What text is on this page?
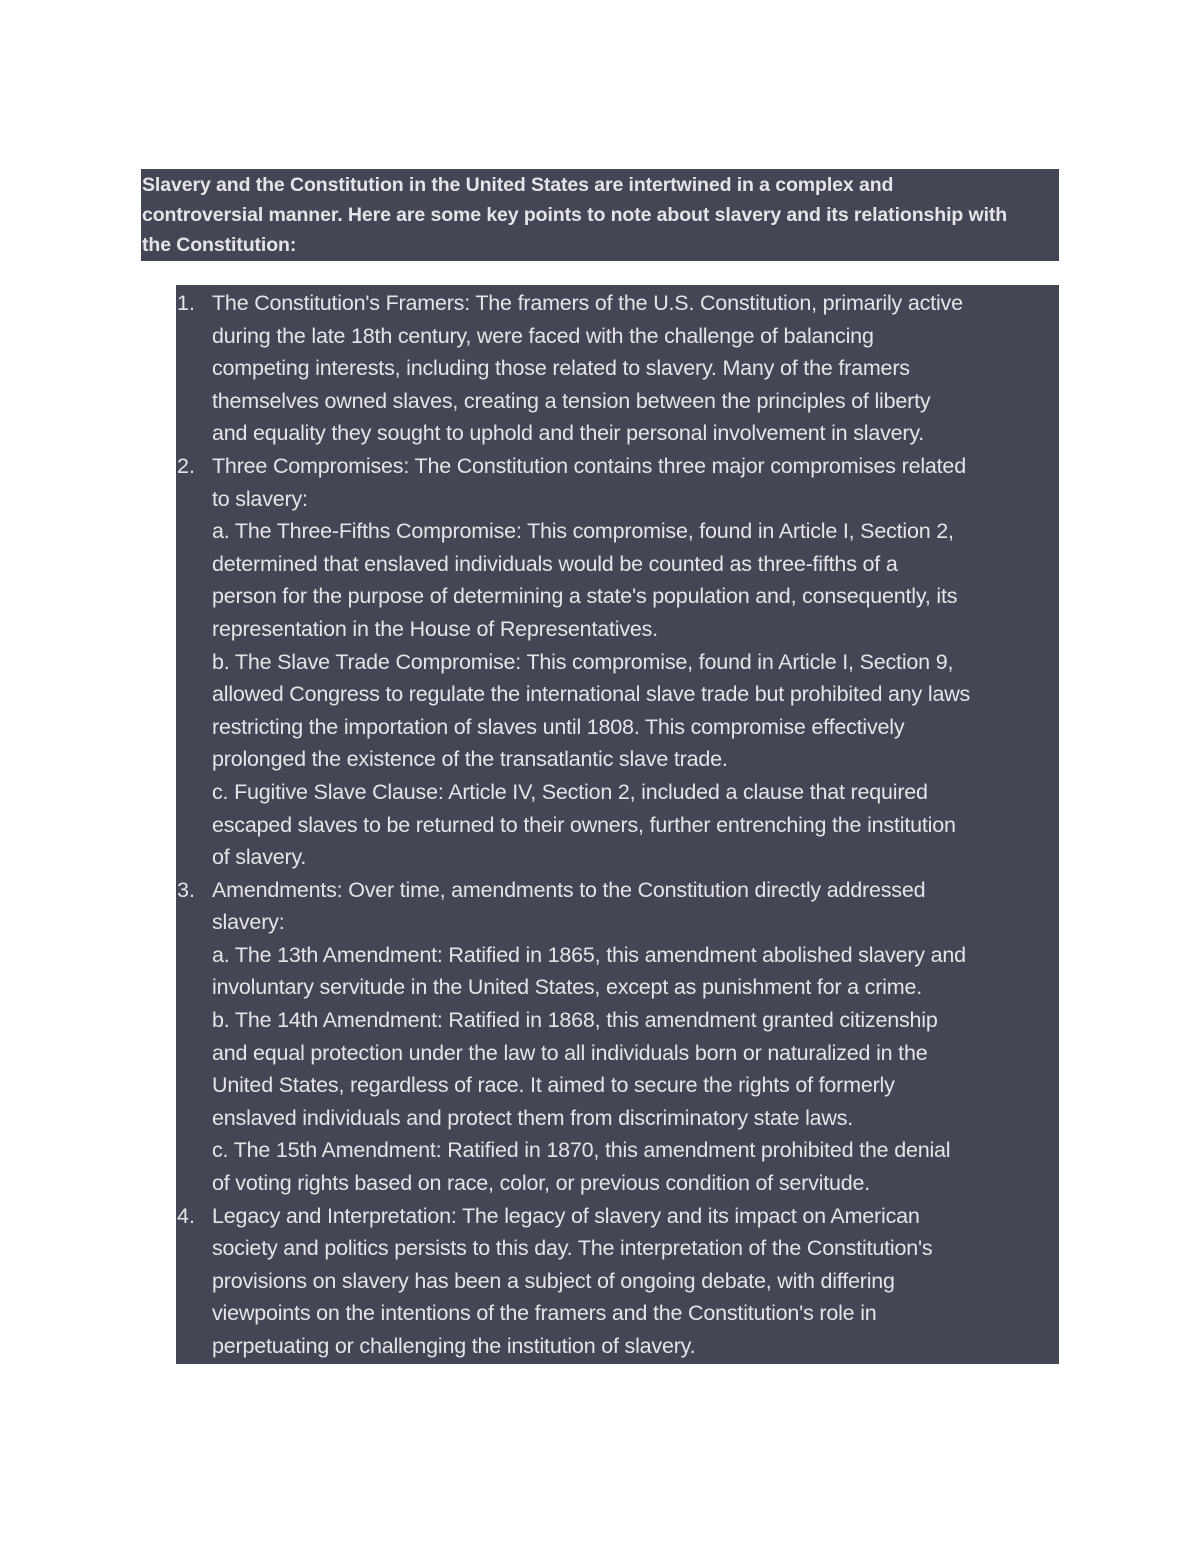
Slavery and the Constitution in the United States are intertwined in a complex and
controversial manner. Here are some key points to note about slavery and its relationship with
the Constitution:

1. The Constitution's Framers: The framers of the U.S. Constitution, primarily active
during the late 18th century, were faced with the challenge of balancing
competing interests, including those related to slavery. Many of the framers
themselves owned slaves, creating a tension between the principles of liberty
and equality they sought to uphold and their personal involvement in slavery.
2. Three Compromises: The Constitution contains three major compromises related
to slavery:
a. The Three-Fifths Compromise: This compromise, found in Article I, Section 2,
determined that enslaved individuals would be counted as three-fifths of a
person for the purpose of determining a state's population and, consequently, its
representation in the House of Representatives.
b. The Slave Trade Compromise: This compromise, found in Article I, Section 9,
allowed Congress to regulate the international slave trade but prohibited any laws
restricting the importation of slaves until 1808. This compromise effectively
prolonged the existence of the transatlantic slave trade.
c. Fugitive Slave Clause: Article IV, Section 2, included a clause that required
escaped slaves to be returned to their owners, further entrenching the institution
of slavery.
3. Amendments: Over time, amendments to the Constitution directly addressed
slavery:
a. The 13th Amendment: Ratified in 1865, this amendment abolished slavery and
involuntary servitude in the United States, except as punishment for a crime.
b. The 14th Amendment: Ratified in 1868, this amendment granted citizenship
and equal protection under the law to all individuals born or naturalized in the
United States, regardless of race. It aimed to secure the rights of formerly
enslaved individuals and protect them from discriminatory state laws.
c. The 15th Amendment: Ratified in 1870, this amendment prohibited the denial
of voting rights based on race, color, or previous condition of servitude.
4. Legacy and Interpretation: The legacy of slavery and its impact on American
society and politics persists to this day. The interpretation of the Constitution's
provisions on slavery has been a subject of ongoing debate, with differing
viewpoints on the intentions of the framers and the Constitution's role in
perpetuating or challenging the institution of slavery.
